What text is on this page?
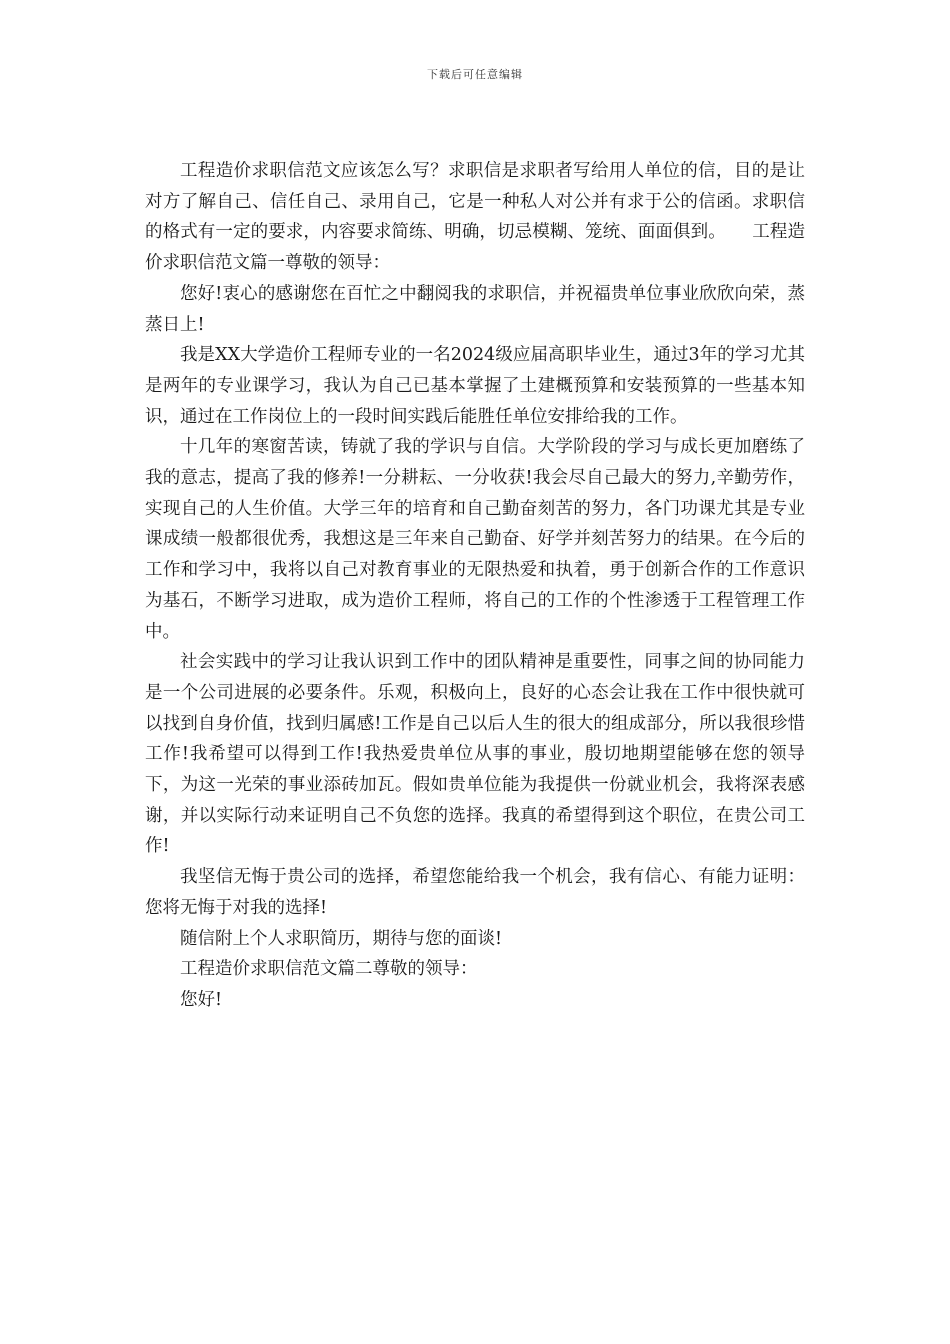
下载后可任意编辑

工程造价求职信范文应该怎么写？求职信是求职者写给用人单位的信，目的是让对方了解自己、信任自己、录用自己，它是一种私人对公并有求于公的信函。求职信的格式有一定的要求，内容要求简练、明确，切忌模糊、笼统、面面俱到。　　工程造价求职信范文篇一尊敬的领导：

您好!衷心的感谢您在百忙之中翻阅我的求职信，并祝福贵单位事业欣欣向荣，蒸蒸日上!

我是XX大学造价工程师专业的一名2024级应届高职毕业生，通过3年的学习尤其是两年的专业课学习，我认为自己已基本掌握了土建概预算和安装预算的一些基本知识，通过在工作岗位上的一段时间实践后能胜任单位安排给我的工作。

十几年的寒窗苦读，铸就了我的学识与自信。大学阶段的学习与成长更加磨练了我的意志，提高了我的修养!一分耕耘、一分收获!我会尽自己最大的努力,辛勤劳作，实现自己的人生价值。大学三年的培育和自己勤奋刻苦的努力，各门功课尤其是专业课成绩一般都很优秀，我想这是三年来自己勤奋、好学并刻苦努力的结果。在今后的工作和学习中，我将以自己对教育事业的无限热爱和执着，勇于创新合作的工作意识为基石，不断学习进取，成为造价工程师，将自己的工作的个性渗透于工程管理工作中。

社会实践中的学习让我认识到工作中的团队精神是重要性，同事之间的协同能力是一个公司进展的必要条件。乐观，积极向上，良好的心态会让我在工作中很快就可以找到自身价值，找到归属感!工作是自己以后人生的很大的组成部分，所以我很珍惜工作!我希望可以得到工作!我热爱贵单位从事的事业，殷切地期望能够在您的领导下，为这一光荣的事业添砖加瓦。假如贵单位能为我提供一份就业机会，我将深表感谢，并以实际行动来证明自己不负您的选择。我真的希望得到这个职位，在贵公司工作!

我坚信无悔于贵公司的选择，希望您能给我一个机会，我有信心、有能力证明：您将无悔于对我的选择!

随信附上个人求职简历，期待与您的面谈!

工程造价求职信范文篇二尊敬的领导：

您好!
